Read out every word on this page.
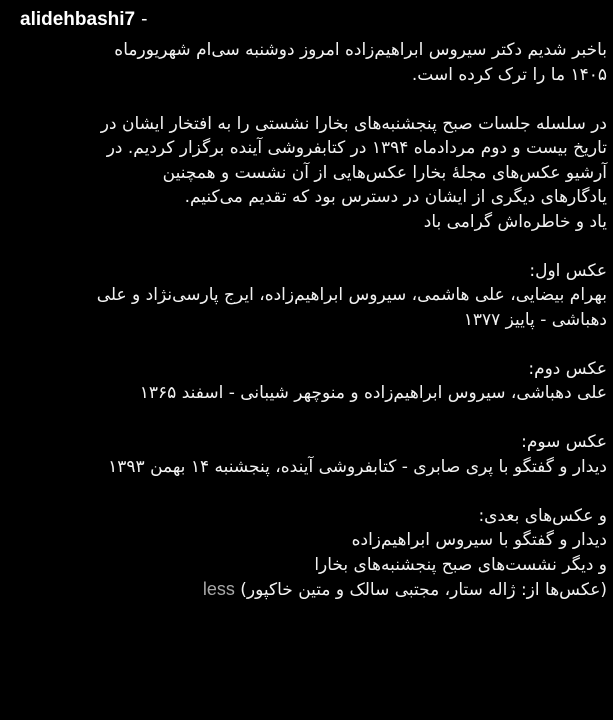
alidehbashi7 -
باخبر شدیم دکتر سیروس ابراهیم‌زاده امروز دوشنبه سی‌ام شهریورماه
۱۴۰۵ ما را ترک کرده است.
در سلسله جلسات صبح پنجشنبه‌های بخارا نشستی را به افتخار ایشان در
تاریخ بیست و دوم مردادماه ۱۳۹۴ در کتابفروشی آینده برگزار کردیم. در
آرشیو عکس‌های مجلهٔ بخارا عکس‌هایی از آن نشست و همچنین
یادگارهای دیگری از ایشان در دسترس بود که تقدیم می‌کنیم.
یاد و خاطره‌اش گرامی باد
عکس اول:
بهرام بیضایی، علی هاشمی، سیروس ابراهیم‌زاده، ایرج پارسی‌نژاد و علی
دهباشی - پاییز ۱۳۷۷
عکس دوم:
علی دهباشی، سیروس ابراهیم‌زاده و منوچهر شیبانی - اسفند ۱۳۶۵
عکس سوم:
دیدار و گفتگو با پری صابری - کتابفروشی آینده، پنجشنبه ۱۴ بهمن ۱۳۹۳
و عکس‌های بعدی:
دیدار و گفتگو با سیروس ابراهیم‌زاده
و دیگر نشست‌های صبح پنجشنبه‌های بخارا
(عکس‌ها از: ژاله ستار، مجتبی سالک و متین خاکپور) less
